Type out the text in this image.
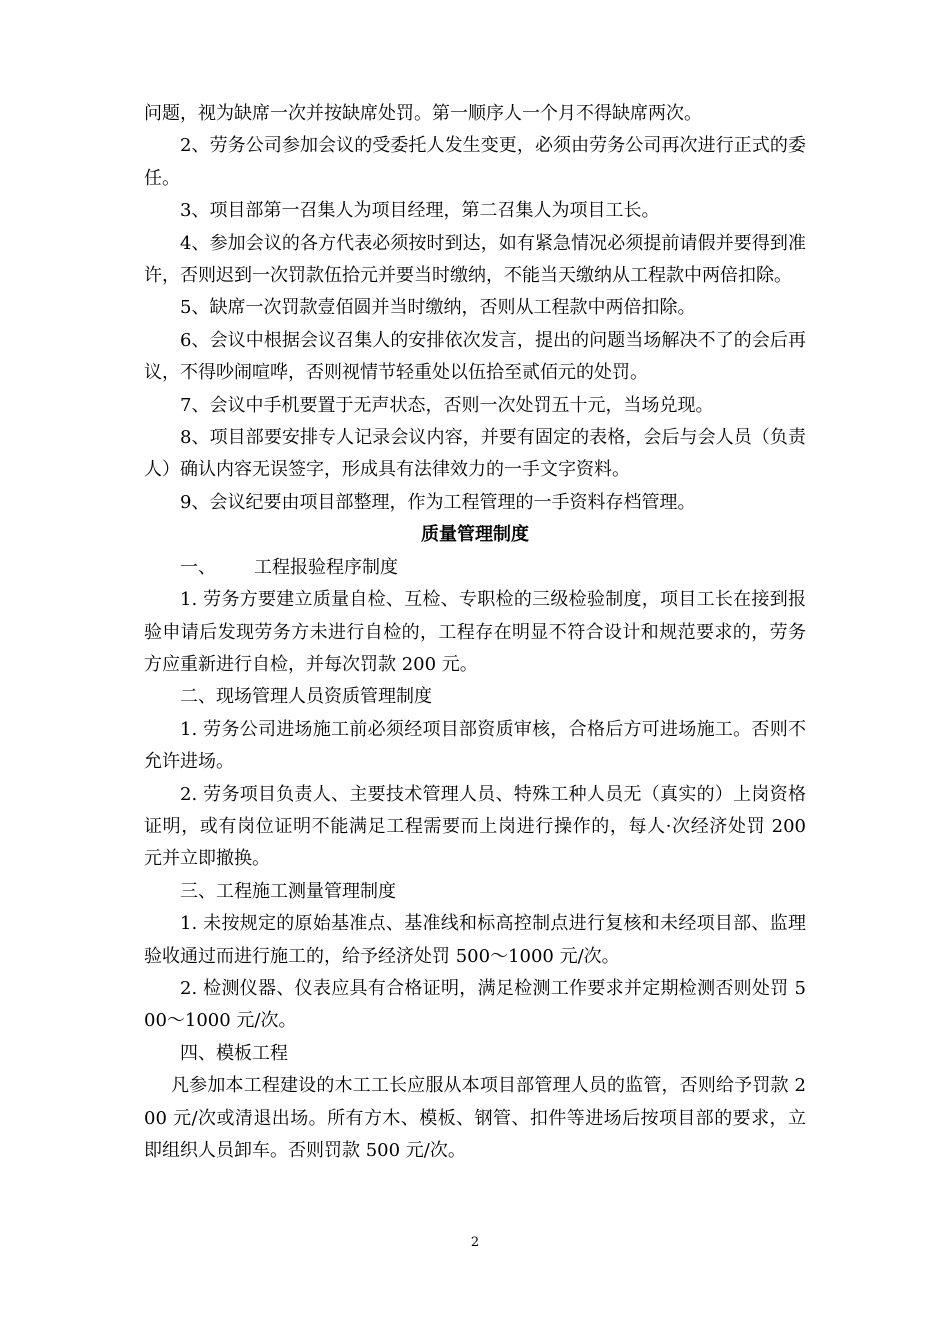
问题，视为缺席一次并按缺席处罚。第一顺序人一个月不得缺席两次。

2、劳务公司参加会议的受委托人发生变更，必须由劳务公司再次进行正式的委任。

3、项目部第一召集人为项目经理，第二召集人为项目工长。

4、参加会议的各方代表必须按时到达，如有紧急情况必须提前请假并要得到准许，否则迟到一次罚款伍拾元并要当时缴纳，不能当天缴纳从工程款中两倍扣除。

5、缺席一次罚款壹佰圆并当时缴纳，否则从工程款中两倍扣除。

6、会议中根据会议召集人的安排依次发言，提出的问题当场解决不了的会后再议，不得吵闹喧哗，否则视情节轻重处以伍拾至贰佰元的处罚。

7、会议中手机要置于无声状态，否则一次处罚五十元，当场兑现。

8、项目部要安排专人记录会议内容，并要有固定的表格，会后与会人员（负责人）确认内容无误签字，形成具有法律效力的一手文字资料。

9、会议纪要由项目部整理，作为工程管理的一手资料存档管理。

质量管理制度

一、 工程报验程序制度

1. 劳务方要建立质量自检、互检、专职检的三级检验制度，项目工长在接到报验申请后发现劳务方未进行自检的，工程存在明显不符合设计和规范要求的，劳务方应重新进行自检，并每次罚款 200 元。

二、现场管理人员资质管理制度

1. 劳务公司进场施工前必须经项目部资质审核，合格后方可进场施工。否则不允许进场。

2. 劳务项目负责人、主要技术管理人员、特殊工种人员无（真实的）上岗资格证明，或有岗位证明不能满足工程需要而上岗进行操作的，每人·次经济处罚 200 元并立即撤换。

三、工程施工测量管理制度

1. 未按规定的原始基准点、基准线和标高控制点进行复核和未经项目部、监理验收通过而进行施工的，给予经济处罚 500～1000 元/次。

2. 检测仪器、仪表应具有合格证明，满足检测工作要求并定期检测否则处罚 500～1000 元/次。

四、模板工程

凡参加本工程建设的木工工长应服从本项目部管理人员的监管，否则给予罚款 200 元/次或清退出场。所有方木、模板、钢管、扣件等进场后按项目部的要求，立即组织人员卸车。否则罚款 500 元/次。

2
